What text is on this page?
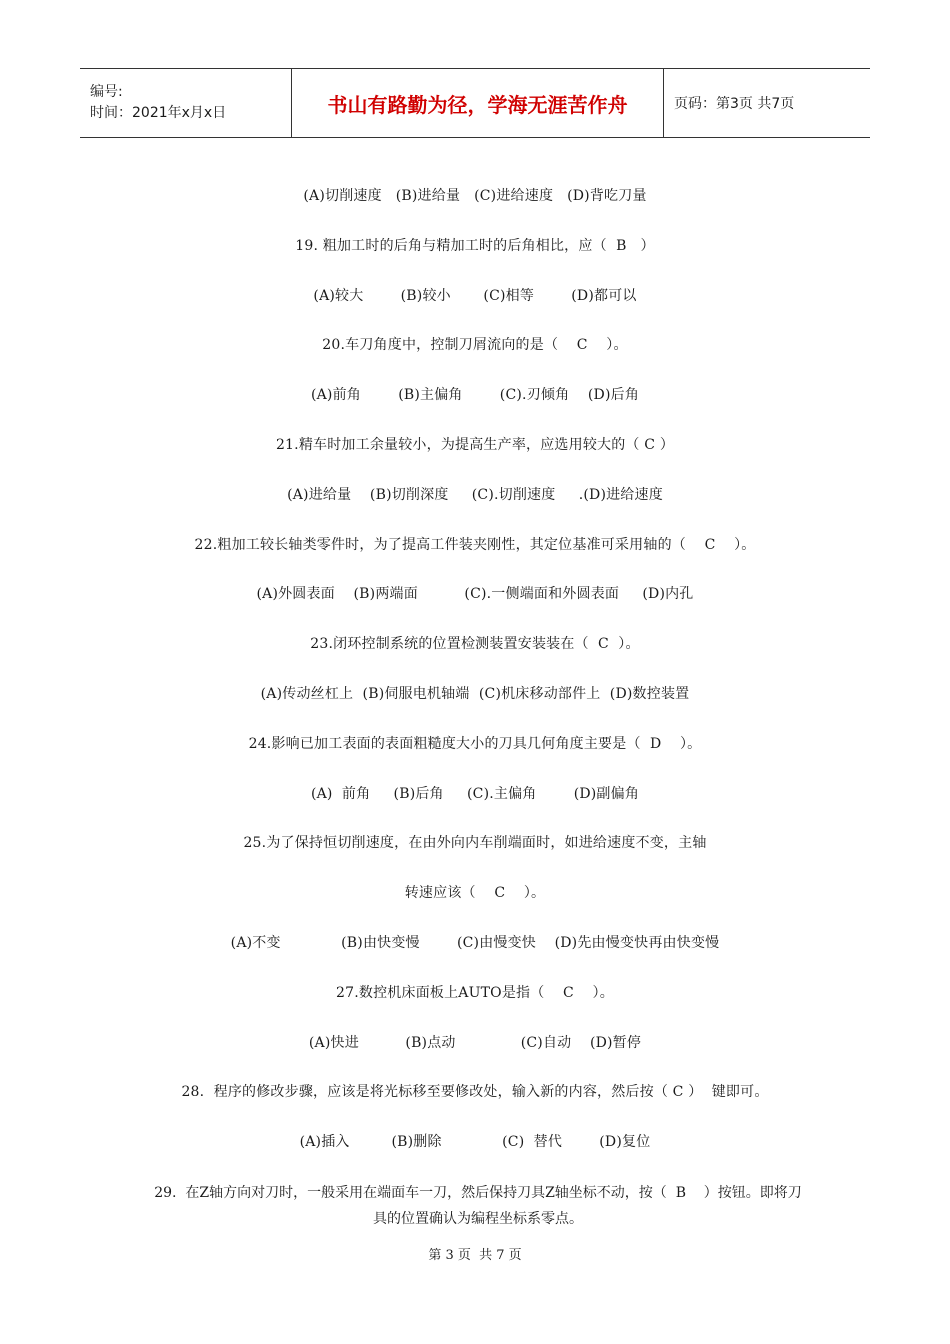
编号:
时间：2021年x月x日	书山有路勤为径，学海无涯苦作舟	页码：第3页 共7页
(A)切削速度   (B)进给量   (C)进给速度   (D)背吃刀量
19. 粗加工时的后角与精加工时的后角相比，应（  B   ）
(A)较大        (B)较小       (C)相等        (D)都可以
20.车刀角度中，控制刀屑流向的是（    C    ）。
(A)前角        (B)主偏角        (C).刃倾角    (D)后角
21.精车时加工余量较小，为提高生产率，应选用较大的（ C ）
(A)进给量    (B)切削深度     (C).切削速度     .(D)进给速度
22.粗加工较长轴类零件时，为了提高工件装夹刚性，其定位基准可采用轴的（    C    ）。
(A)外圆表面    (B)两端面          (C).一侧端面和外圆表面     (D)内孔
23.闭环控制系统的位置检测装置安装装在（  C  ）。
(A)传动丝杠上  (B)伺服电机轴端  (C)机床移动部件上  (D)数控装置
24.影响已加工表面的表面粗糙度大小的刀具几何角度主要是（  D    ）。
(A)  前角     (B)后角     (C).主偏角        (D)副偏角
25.为了保持恒切削速度，在由外向内车削端面时，如进给速度不变，主轴
转速应该（    C    ）。
(A)不变             (B)由快变慢        (C)由慢变快    (D)先由慢变快再由快变慢
27.数控机床面板上AUTO是指（    C    ）。
(A)快进          (B)点动              (C)自动    (D)暂停
28.  程序的修改步骤，应该是将光标移至要修改处，输入新的内容，然后按（ C ）  键即可。
(A)插入         (B)删除             (C)  替代        (D)复位
29.  在Z轴方向对刀时，一般采用在端面车一刀，然后保持刀具Z轴坐标不动，按（  B    ）按钮。即将刀具的位置确认为编程坐标系零点。
第 3 页  共 7 页
